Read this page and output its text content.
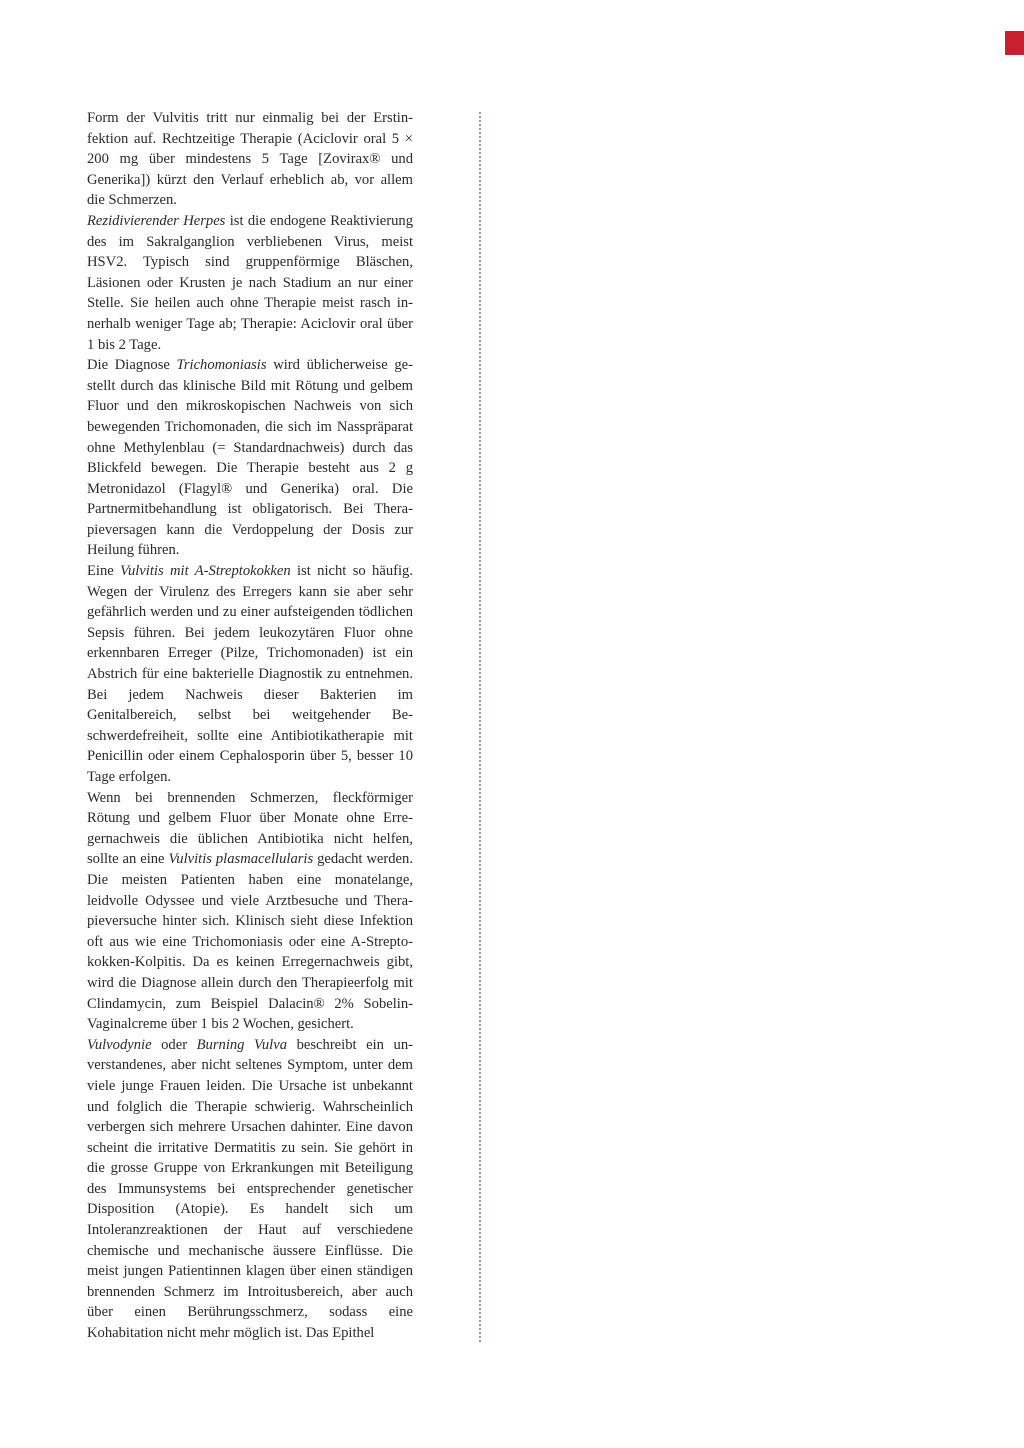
Form der Vulvitis tritt nur einmalig bei der Erstinfektion auf. Rechtzeitige Therapie (Aciclovir oral 5 × 200 mg über mindestens 5 Tage [Zovirax® und Generika]) kürzt den Verlauf erheblich ab, vor allem die Schmerzen.

Rezidivierender Herpes ist die endogene Reaktivierung des im Sakralganglion verbliebenen Virus, meist HSV2. Typisch sind gruppenförmige Bläschen, Läsionen oder Krusten je nach Stadium an nur einer Stelle. Sie heilen auch ohne Therapie meist rasch innerhalb weniger Tage ab; Therapie: Aciclovir oral über 1 bis 2 Tage.

Die Diagnose Trichomoniasis wird üblicherweise gestellt durch das klinische Bild mit Rötung und gelbem Fluor und den mikroskopischen Nachweis von sich bewegenden Trichomonaden, die sich im Nasspräparat ohne Methylenblau (= Standardnachweis) durch das Blickfeld bewegen. Die Therapie besteht aus 2 g Metronidazol (Flagyl® und Generika) oral. Die Partnermitbehandlung ist obligatorisch. Bei Therapieversagen kann die Verdoppelung der Dosis zur Heilung führen.

Eine Vulvitis mit A-Streptokokken ist nicht so häufig. Wegen der Virulenz des Erregers kann sie aber sehr gefährlich werden und zu einer aufsteigenden tödlichen Sepsis führen. Bei jedem leukozytären Fluor ohne erkennbaren Erreger (Pilze, Trichomonaden) ist ein Abstrich für eine bakterielle Diagnostik zu entnehmen. Bei jedem Nachweis dieser Bakterien im Genitalbereich, selbst bei weitgehender Beschwerdefreiheit, sollte eine Antibiotikatherapie mit Penicillin oder einem Cephalosporin über 5, besser 10 Tage erfolgen.

Wenn bei brennenden Schmerzen, fleckförmiger Rötung und gelbem Fluor über Monate ohne Erregernachweis die üblichen Antibiotika nicht helfen, sollte an eine Vulvitis plasmacellularis gedacht werden. Die meisten Patienten haben eine monatelange, leidvolle Odyssee und viele Arztbesuche und Therapieversuche hinter sich. Klinisch sieht diese Infektion oft aus wie eine Trichomoniasis oder eine A-Streptokokken-Kolpitis. Da es keinen Erregernachweis gibt, wird die Diagnose allein durch den Therapieerfolg mit Clindamycin, zum Beispiel Dalacin® 2% Sobelin-Vaginalcreme über 1 bis 2 Wochen, gesichert.

Vulvodynie oder Burning Vulva beschreibt ein unverstandenes, aber nicht seltenes Symptom, unter dem viele junge Frauen leiden. Die Ursache ist unbekannt und folglich die Therapie schwierig. Wahrscheinlich verbergen sich mehrere Ursachen dahinter. Eine davon scheint die irritative Dermatitis zu sein. Sie gehört in die grosse Gruppe von Erkrankungen mit Beteiligung des Immunsystems bei entsprechender genetischer Disposition (Atopie). Es handelt sich um Intoleranzreaktionen der Haut auf verschiedene chemische und mechanische äussere Einflüsse. Die meist jungen Patientinnen klagen über einen ständigen brennenden Schmerz im Introitusbereich, aber auch über einen Berührungsschmerz, sodass eine Kohabitation nicht mehr möglich ist. Das Epithel
